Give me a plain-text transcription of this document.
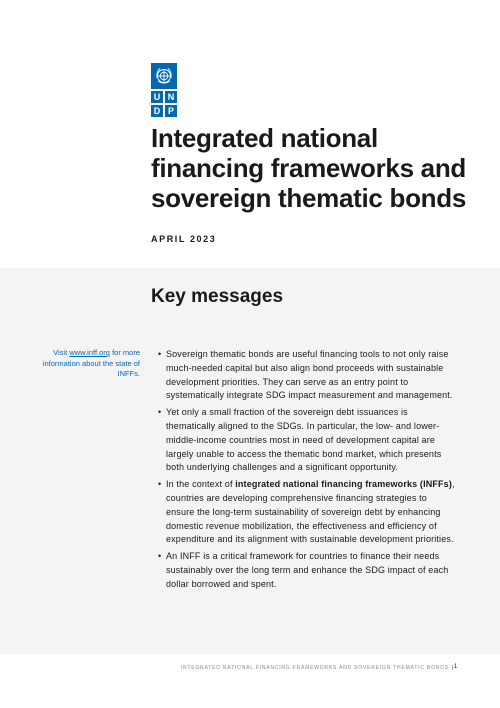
U N
D P
Integrated national financing frameworks and sovereign thematic bonds
APRIL 2023
Key messages

Visit www.inff.org for more information about the state of INFFs.

• Sovereign thematic bonds are useful financing tools to not only raise much-needed capital but also align bond proceeds with sustainable development priorities. They can serve as an entry point to systematically integrate SDG impact measurement and management.
• Yet only a small fraction of the sovereign debt issuances is thematically aligned to the SDGs. In particular, the low- and lower-middle-income countries most in need of development capital are largely unable to access the thematic bond market, which presents both underlying challenges and a significant opportunity.
• In the context of integrated national financing frameworks (INFFs), countries are developing comprehensive financing strategies to ensure the long-term sustainability of sovereign debt by enhancing domestic revenue mobilization, the effectiveness and efficiency of expenditure and its alignment with sustainable development priorities.
• An INFF is a critical framework for countries to finance their needs sustainably over the long term and enhance the SDG impact of each dollar borrowed and spent.
INTEGRATED NATIONAL FINANCING FRAMEWORKS AND SOVEREIGN THEMATIC BONDS |1
